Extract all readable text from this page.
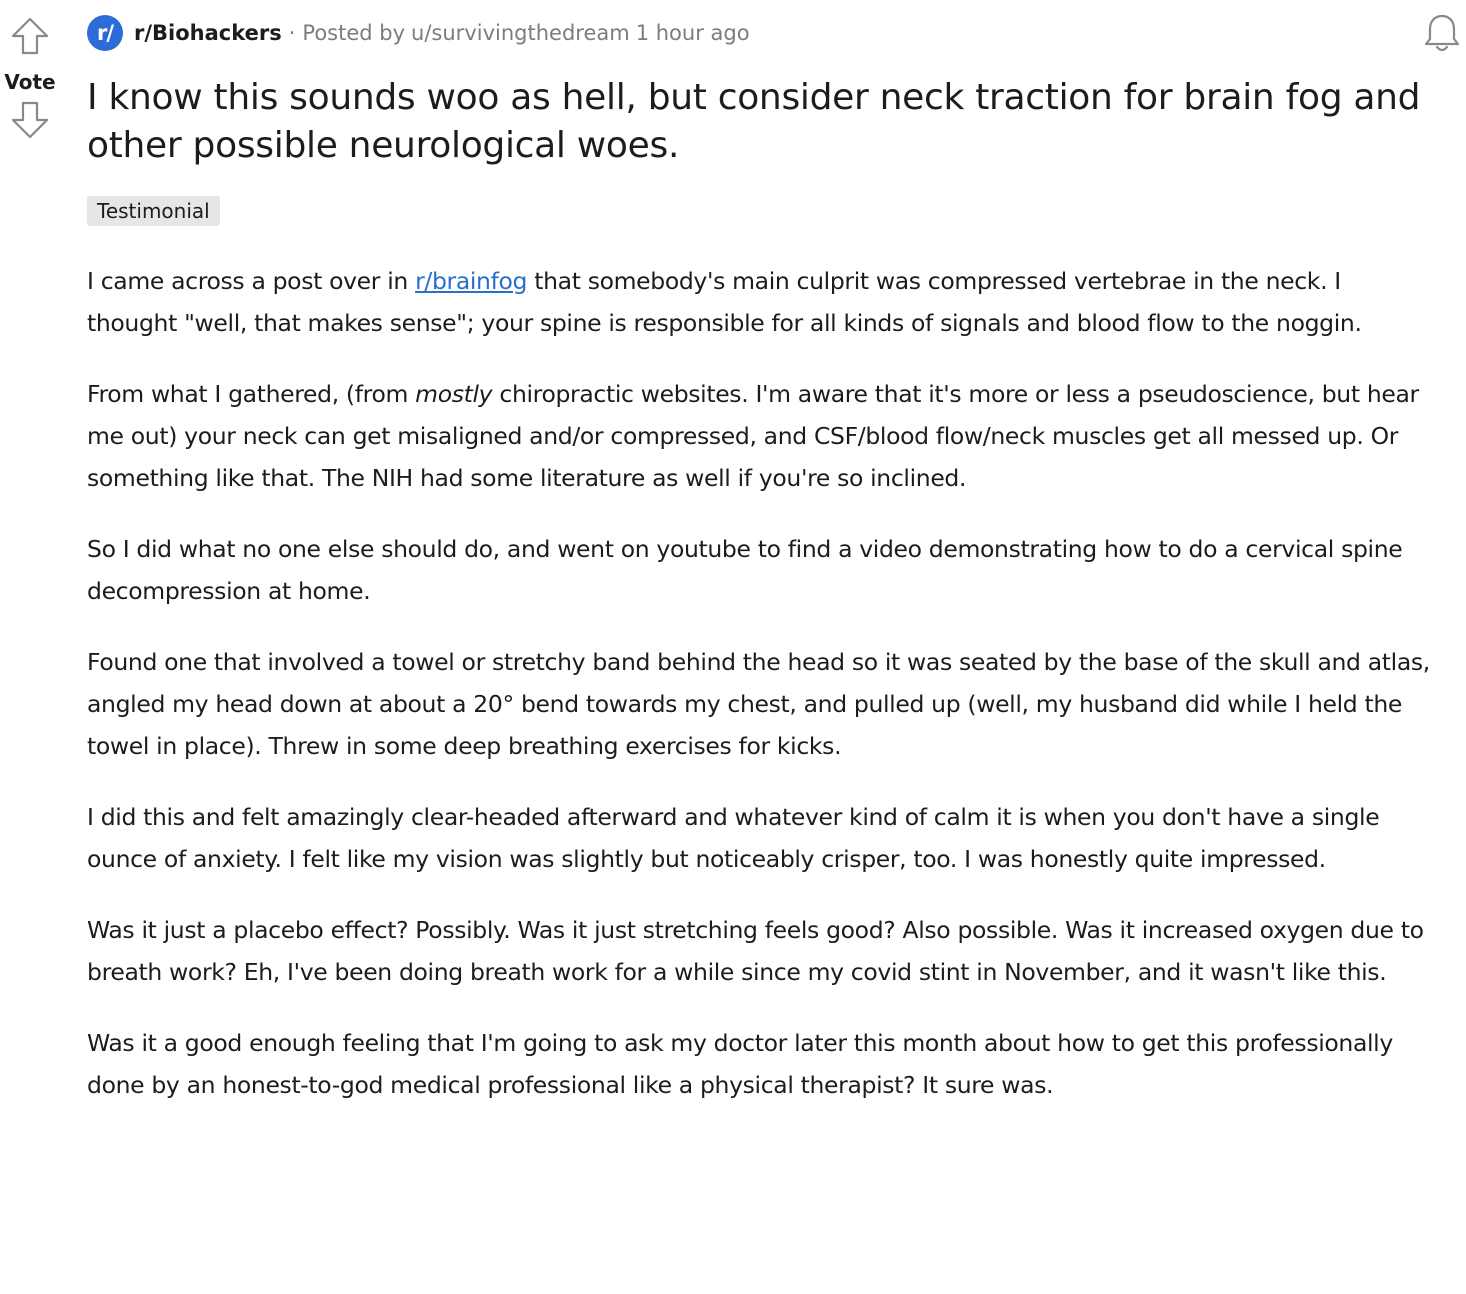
Vote
r/ r/Biohackers · Posted by u/survivingthedream 1 hour ago
I know this sounds woo as hell, but consider neck traction for brain fog and other possible neurological woes.
Testimonial

I came across a post over in r/brainfog that somebody's main culprit was compressed vertebrae in the neck. I thought "well, that makes sense"; your spine is responsible for all kinds of signals and blood flow to the noggin.

From what I gathered, (from mostly chiropractic websites. I'm aware that it's more or less a pseudoscience, but hear me out) your neck can get misaligned and/or compressed, and CSF/blood flow/neck muscles get all messed up. Or something like that. The NIH had some literature as well if you're so inclined.

So I did what no one else should do, and went on youtube to find a video demonstrating how to do a cervical spine decompression at home.

Found one that involved a towel or stretchy band behind the head so it was seated by the base of the skull and atlas, angled my head down at about a 20° bend towards my chest, and pulled up (well, my husband did while I held the towel in place). Threw in some deep breathing exercises for kicks.

I did this and felt amazingly clear-headed afterward and whatever kind of calm it is when you don't have a single ounce of anxiety. I felt like my vision was slightly but noticeably crisper, too. I was honestly quite impressed.

Was it just a placebo effect? Possibly. Was it just stretching feels good? Also possible. Was it increased oxygen due to breath work? Eh, I've been doing breath work for a while since my covid stint in November, and it wasn't like this.

Was it a good enough feeling that I'm going to ask my doctor later this month about how to get this professionally done by an honest-to-god medical professional like a physical therapist? It sure was.
